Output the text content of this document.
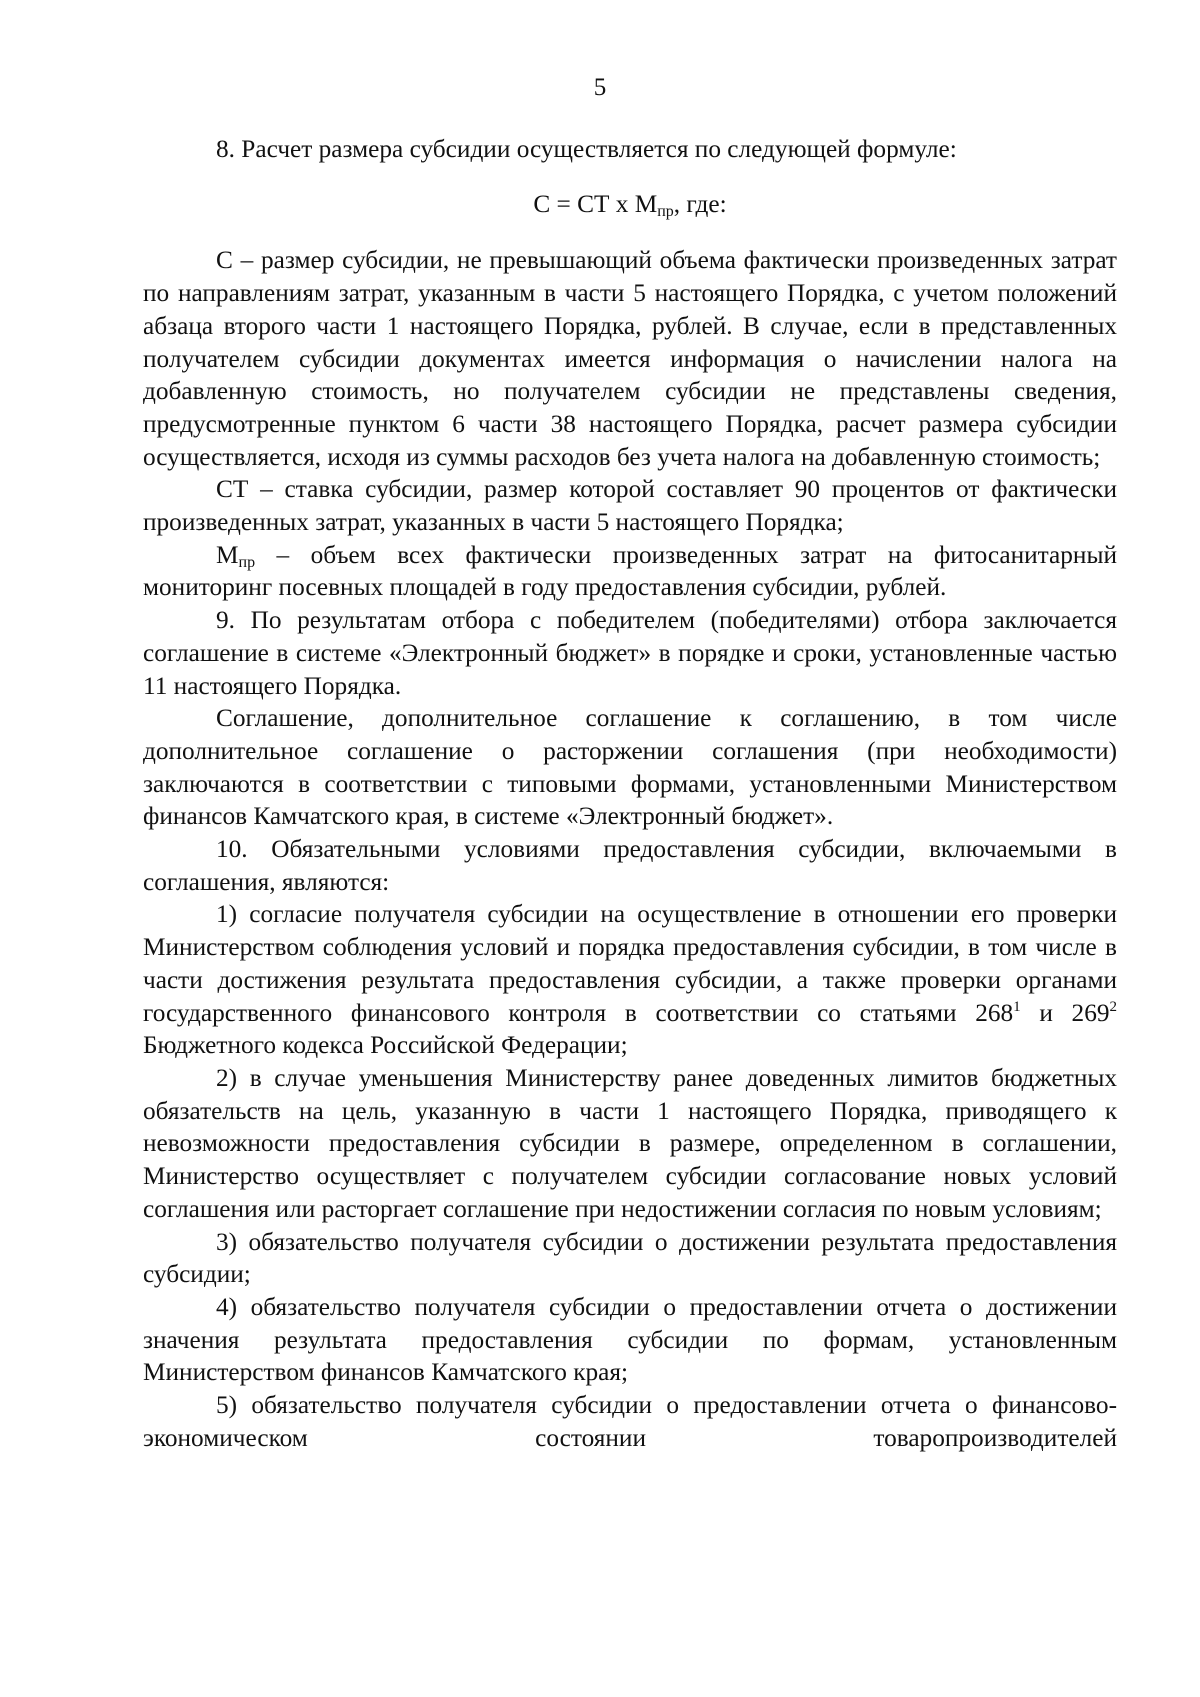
5

8. Расчет размера субсидии осуществляется по следующей формуле:

С = СТ х $М_{пр}$, где:

С – размер субсидии, не превышающий объема фактически произведенных затрат по направлениям затрат, указанным в части 5 настоящего Порядка, с учетом положений абзаца второго части 1 настоящего Порядка, рублей. В случае, если в представленных получателем субсидии документах имеется информация о начислении налога на добавленную стоимость, но получателем субсидии не представлены сведения, предусмотренные пунктом 6 части 38 настоящего Порядка, расчет размера субсидии осуществляется, исходя из суммы расходов без учета налога на добавленную стоимость;

СТ – ставка субсидии, размер которой составляет 90 процентов от фактически произведенных затрат, указанных в части 5 настоящего Порядка;

$М_{пр}$ – объем всех фактически произведенных затрат на фитосанитарный мониторинг посевных площадей в году предоставления субсидии, рублей.

9. По результатам отбора с победителем (победителями) отбора заключается соглашение в системе «Электронный бюджет» в порядке и сроки, установленные частью 11 настоящего Порядка.

Соглашение, дополнительное соглашение к соглашению, в том числе дополнительное соглашение о расторжении соглашения (при необходимости) заключаются в соответствии с типовыми формами, установленными Министерством финансов Камчатского края, в системе «Электронный бюджет».

10. Обязательными условиями предоставления субсидии, включаемыми в соглашения, являются:

1) согласие получателя субсидии на осуществление в отношении его проверки Министерством соблюдения условий и порядка предоставления субсидии, в том числе в части достижения результата предоставления субсидии, а также проверки органами государственного финансового контроля в соответствии со статьями $268^1$ и $269^2$ Бюджетного кодекса Российской Федерации;

2) в случае уменьшения Министерству ранее доведенных лимитов бюджетных обязательств на цель, указанную в части 1 настоящего Порядка, приводящего к невозможности предоставления субсидии в размере, определенном в соглашении, Министерство осуществляет с получателем субсидии согласование новых условий соглашения или расторгает соглашение при недостижении согласия по новым условиям;

3) обязательство получателя субсидии о достижении результата предоставления субсидии;

4) обязательство получателя субсидии о предоставлении отчета о достижении значения результата предоставления субсидии по формам, установленным Министерством финансов Камчатского края;

5) обязательство получателя субсидии о предоставлении отчета о финансово-экономическом состоянии товаропроизводителей
